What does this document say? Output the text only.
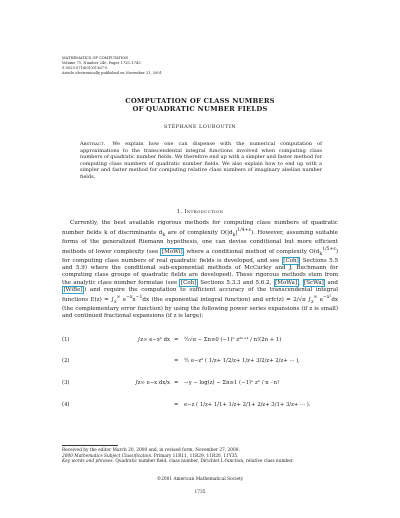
MATHEMATICS OF COMPUTATION
Volume 71, Number 240, Pages 1735–1743
S 0025-5718(01)01367-0
Article electronically published on November 21, 2001
COMPUTATION OF CLASS NUMBERS
OF QUADRATIC NUMBER FIELDS
STÉPHANE LOUBOUTIN
Abstract. We explain how one can dispense with the numerical computation of approximations to the transcendental integral functions involved when computing class numbers of quadratic number fields. We therefore end up with a simpler and faster method for computing class numbers of quadratic number fields. We also explain how to end up with a simpler and faster method for computing relative class numbers of imaginary abelian number fields.
1. Introduction
Currently, the best available rigorous methods for computing class numbers of quadratic number fields k of discriminants $d_k$ are of complexity $O(|d_k|^{1/4+\varepsilon})$. However, assuming suitable forms of the generalized Riemann hypothesis, one can devise conditional but more efficient methods of lower complexity (see [MoWi] where a conditional method of complexity $O(d_k^{1/5+\varepsilon})$ for computing class numbers of real quadratic fields is developed, and see [Coh] Sections 5.5 and 5.9) where the conditional sub-exponential methods of McCurley and J. Buchmann for computing class groups of quadratic fields are developed). These rigorous methods stem from the analytic class number formulae (see [Coh] Sections 5.3.3 and 5.6.2, [MoWa] , [ScWa] and [WiBe] ) and require the computation to sufficient accuracy of the transcendental integral functions $E(z) = \int_z^\infty$ $e^{-x}x^{-1}dx$ (the exponential integral function) and erfc(z) = 2/√π $\int_z^\infty$ $e^{-x^2}dx$ (the complementary error function) by using the following power series expansions (if z is small) and continued fractional expansions (if z is large):
(1)	∫z∞ e−x² dx = ½√π − Σn≥0 (−1)ⁿ z²ⁿ⁺¹ / n!(2n + 1)
(2)	= ½ e−z² ( 1/z+ 1/2/z+ 1/z+ 3/2/z+ 2/z+ ··· ),
(3)	∫z∞ e−x dx/x = −γ − log(z) − Σn≥1 (−1)ⁿ zⁿ / n · n!
(4)	= e−z ( 1/z+ 1/1+ 1/z+ 2/1+ 2/z+ 3/1+ 3/z+ ··· ).
Received by the editor March 20, 2000 and, in revised form, November 27, 2000.
2000 Mathematics Subject Classification. Primary 11R11, 11R29, 11R20, 11Y35.
Key words and phrases. Quadratic number field, class number, Dirichlet L-function, relative class number.
©2001 American Mathematical Society
1735
